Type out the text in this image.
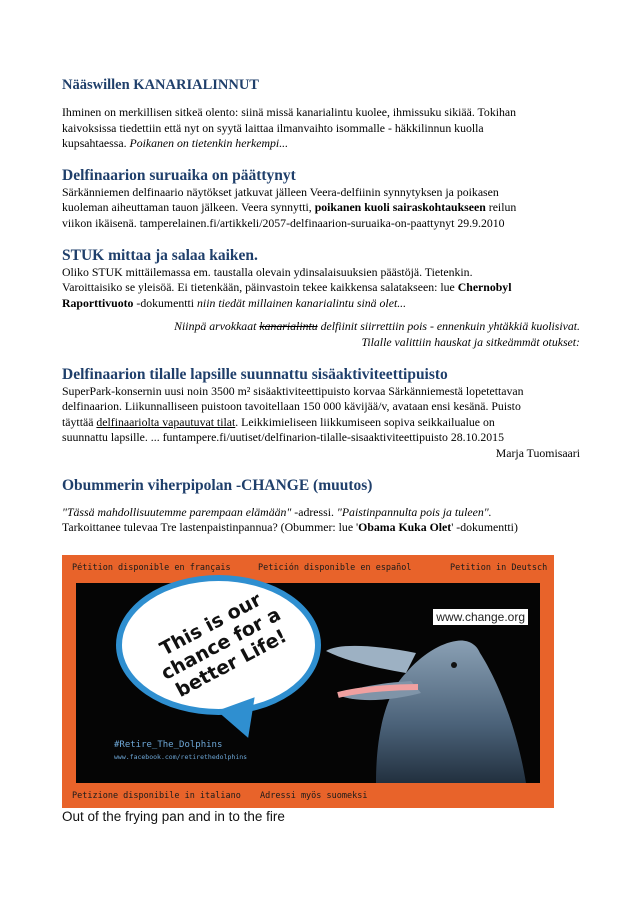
Nääswillen KANARIALINNUT
Ihminen on merkillisen sitkeä olento: siinä missä kanarialintu kuolee, ihmissuku sikiää. Tokihan
kaivoksissa tiedettiin että nyt on syytä laittaa ilmanvaihto isommalle - häkkilinnun kuolla
kupsahtaessa. Poikanen on tietenkin herkempi...
Delfinaarion suruaika on päättynyt
Särkänniemen delfinaario näytökset jatkuvat jälleen Veera-delfiinin synnytyksen ja poikasen
kuoleman aiheuttaman tauon jälkeen. Veera synnytti, poikanen kuoli sairaskohtaukseen reilun
viikon ikäisenä. tamperelainen.fi/artikkeli/2057-delfinaarion-suruaika-on-paattynyt 29.9.2010
STUK mittaa ja salaa kaiken.
Oliko STUK mittäilemassa em. taustalla olevain ydinsalaisuuksien päästöjä. Tietenkin.
Varoittaisiko se yleisöä. Ei tietenkään, päinvastoin tekee kaikkensa salatakseen: lue Chernobyl
Raporttivuoto -dokumentti niin tiedät millainen kanarialintu sinä olet...
Niinpä arvokkaat kanarialintu delfiinit siirrettiin pois - ennenkuin yhtäkkiä kuolisivat.
Tilalle valittiin hauskat ja sitkeämmät otukset:
Delfinaarion tilalle lapsille suunnattu sisäaktiviteettipuisto
SuperPark-konsernin uusi noin 3500 m² sisäaktiviteettipuisto korvaa Särkänniemestä lopetettavan
delfinaarion. Liikunnalliseen puistoon tavoitellaan 150 000 kävijää/v, avataan ensi kesänä. Puisto
täyttää delfinaariolta vapautuvat tilat. Leikkimieliseen liikkumiseen sopiva seikkailualue on
suunnattu lapsille. ... funtampere.fi/uutiset/delfinarion-tilalle-sisaaktiviteettipuisto 28.10.2015
Marja Tuomisaari
Obummerin viherpipolan -CHANGE (muutos)
"Tässä mahdollisuutemme parempaan elämään" -adressi. "Paistinpannulta pois ja tuleen".
Tarkoittanee tulevaa Tre lastenpaistinpannua? (Obummer: lue 'Obama Kuka Olet' -dokumentti)
Pétition disponible en français	Petición disponible en español	Petition in Deutsch
www.change.org
This is our chance for a better Life!
#Retire_The_Dolphins
www.facebook.com/retirethedolphins
Petizione disponibile in italiano Adressi myös suomeksi
Out of the frying pan and in to the fire
